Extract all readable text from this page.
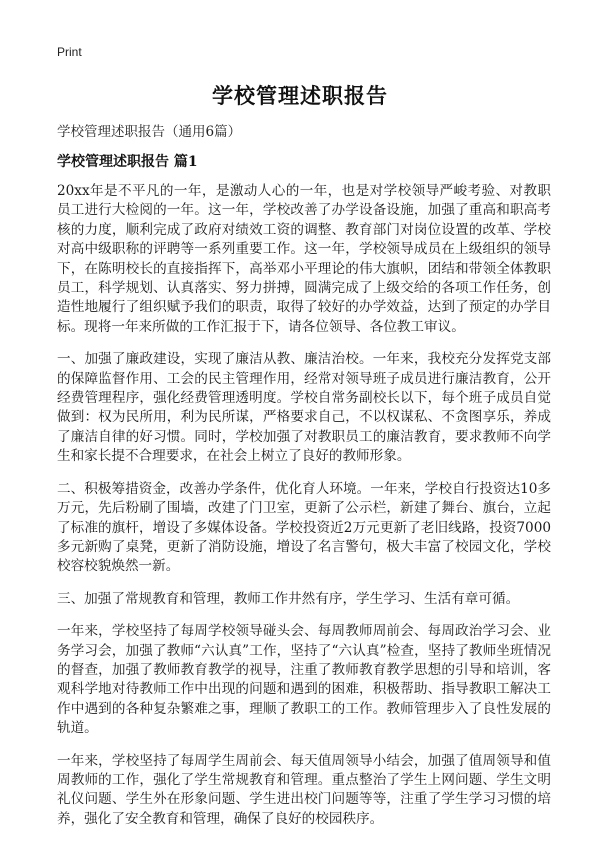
Print
学校管理述职报告
学校管理述职报告（通用6篇）
学校管理述职报告 篇1

20xx年是不平凡的一年，是激动人心的一年，也是对学校领导严峻考验、对教职员工进行大检阅的一年。这一年，学校改善了办学设备设施，加强了重高和职高考核的力度，顺利完成了政府对绩效工资的调整、教育部门对岗位设置的改革、学校对高中级职称的评聘等一系列重要工作。这一年，学校领导成员在上级组织的领导下，在陈明校长的直接指挥下，高举邓小平理论的伟大旗帜，团结和带领全体教职员工，科学规划、认真落实、努力拼搏，圆满完成了上级交给的各项工作任务，创造性地履行了组织赋予我们的职责，取得了较好的办学效益，达到了预定的办学目标。现将一年来所做的工作汇报于下，请各位领导、各位教工审议。

一、加强了廉政建设，实现了廉洁从教、廉洁治校。一年来，我校充分发挥党支部的保障监督作用、工会的民主管理作用，经常对领导班子成员进行廉洁教育，公开经费管理程序，强化经费管理透明度。学校自常务副校长以下，每个班子成员自觉做到：权为民所用，利为民所谋，严格要求自己，不以权谋私、不贪图享乐，养成了廉洁自律的好习惯。同时，学校加强了对教职员工的廉洁教育，要求教师不向学生和家长提不合理要求，在社会上树立了良好的教师形象。

二、积极筹措资金，改善办学条件，优化育人环境。一年来，学校自行投资达10多万元，先后粉刷了围墙，改建了门卫室，更新了公示栏，新建了舞台、旗台，立起了标准的旗杆，增设了多媒体设备。学校投资近2万元更新了老旧线路，投资7000多元新购了桌凳，更新了消防设施，增设了名言警句，极大丰富了校园文化，学校校容校貌焕然一新。

三、加强了常规教育和管理，教师工作井然有序，学生学习、生活有章可循。

一年来，学校坚持了每周学校领导碰头会、每周教师周前会、每周政治学习会、业务学习会，加强了教师“六认真”工作，坚持了“六认真”检查，坚持了教师坐班情况的督查，加强了教师教育教学的视导，注重了教师教育教学思想的引导和培训，客观科学地对待教师工作中出现的问题和遇到的困难，积极帮助、指导教职工解决工作中遇到的各种复杂繁难之事，理顺了教职工的工作。教师管理步入了良性发展的轨道。

一年来，学校坚持了每周学生周前会、每天值周领导小结会，加强了值周领导和值周教师的工作，强化了学生常规教育和管理。重点整治了学生上网问题、学生文明礼仪问题、学生外在形象问题、学生进出校门问题等等，注重了学生学习习惯的培养，强化了安全教育和管理，确保了良好的校园秩序。
